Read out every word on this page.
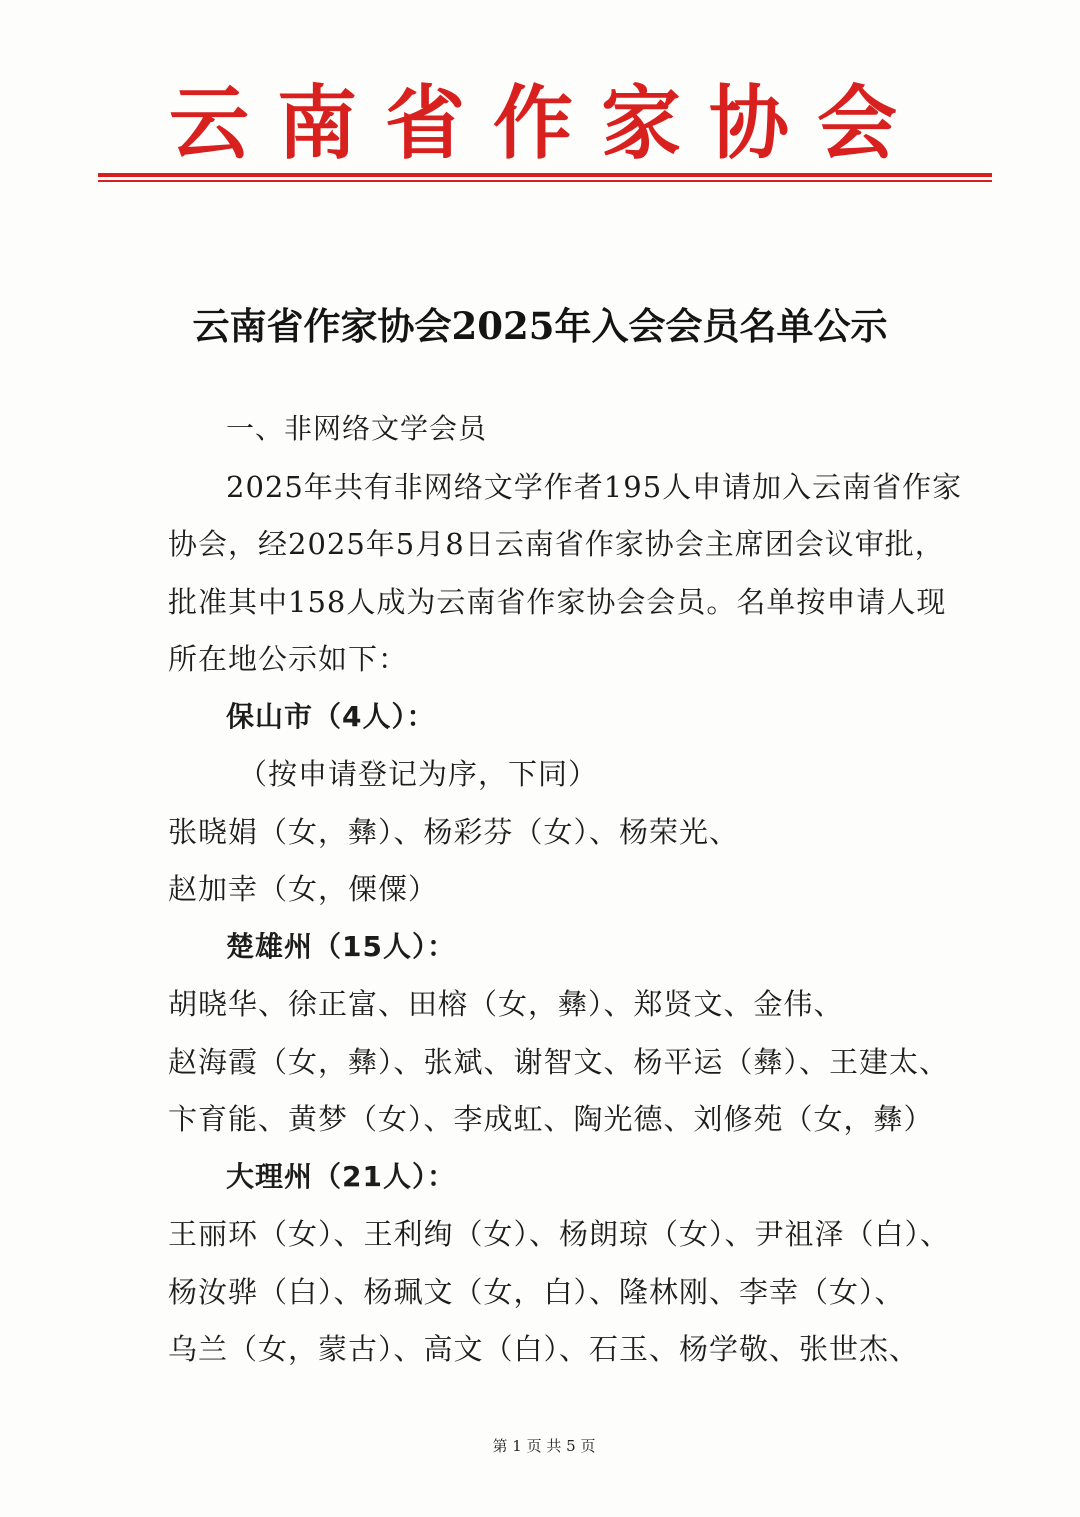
云南省作家协会
云南省作家协会2025年入会会员名单公示
一、非网络文学会员
2025年共有非网络文学作者195人申请加入云南省作家
协会，经2025年5月8日云南省作家协会主席团会议审批，
批准其中158人成为云南省作家协会会员。名单按申请人现
所在地公示如下：
保山市（4人）：
（按申请登记为序，下同）
张晓娟（女，彝）、杨彩芬（女）、杨荣光、
赵加幸（女，傈僳）
楚雄州（15人）：
胡晓华、徐正富、田榕（女，彝）、郑贤文、金伟、
赵海霞（女，彝）、张斌、谢智文、杨平运（彝）、王建太、
卞育能、黄梦（女）、李成虹、陶光德、刘修苑（女，彝）
大理州（21人）：
王丽环（女）、王利绚（女）、杨朗琼（女）、尹祖泽（白）、
杨汝骅（白）、杨珮文（女，白）、隆林刚、李幸（女）、
乌兰（女，蒙古）、高文（白）、石玉、杨学敬、张世杰、
第 1 页 共 5 页
